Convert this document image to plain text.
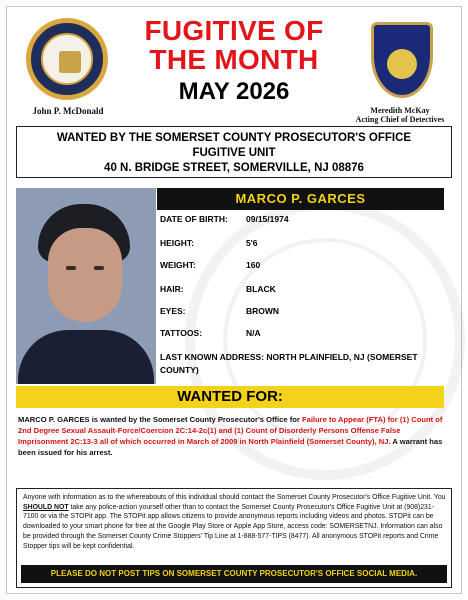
John P. McDonald
FUGITIVE OF
THE MONTH
MAY 2026
Meredith McKay
Acting Chief of Detectives
WANTED BY THE SOMERSET COUNTY PROSECUTOR'S OFFICE
FUGITIVE UNIT
40 N. BRIDGE STREET, SOMERVILLE, NJ 08876
MARCO P. GARCES
DATE OF BIRTH: 09/15/1974
HEIGHT:	5'6
WEIGHT:	160
HAIR:	BLACK
EYES:	BROWN
TATTOOS:	N/A
LAST KNOWN ADDRESS: NORTH PLAINFIELD, NJ (SOMERSET COUNTY)
WANTED FOR:
MARCO P. GARCES is wanted by the Somerset County Prosecutor's Office for Failure to Appear (FTA) for (1) Count of 2nd Degree Sexual Assault-Force/Coercion 2C:14-2c(1) and (1) Count of Disorderly Persons Offense False Imprisonment 2C:13-3 all of which occurred in March of 2009 in North Plainfield (Somerset County), NJ. A warrant has been issued for his arrest.
Anyone with information as to the whereabouts of this individual should contact the Somerset County Prosecutor's Office Fugitive Unit. You SHOULD NOT take any police-action yourself other than to contact the Somerset County Prosecutor's Office Fugitive Unit at (908)231-7100 or via the STOPit app. The STOPit app allows citizens to provide anonymous reports including videos and photos. STOPit can be downloaded to your smart phone for free at the Google Play Store or Apple App Store, access code: SOMERSETNJ. Information can also be provided through the Somerset County Crime Stoppers' Tip Line at 1-888-577-TIPS (8477). All anonymous STOPit reports and Crime Stopper tips will be kept confidential.
PLEASE DO NOT POST TIPS ON SOMERSET COUNTY PROSECUTOR'S OFFICE SOCIAL MEDIA.
